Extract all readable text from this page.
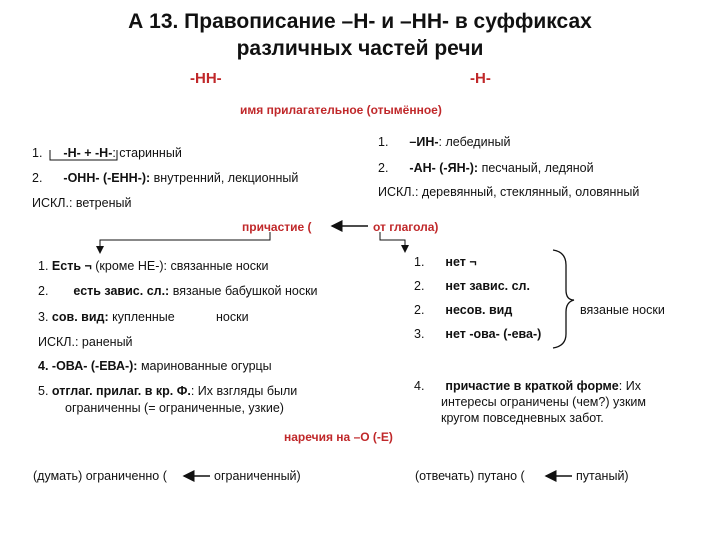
А 13. Правописание –Н- и –НН- в суффиксах
различных частей речи
-НН-	-Н-
имя прилагательное (отымённое)
1. -Н- + -Н-: старинный
2. -ОНН- (-ЕНН-): внутренний, лекционный
ИСКЛ.: ветреный
1. –ИН-: лебединый
2. -АН- (-ЯН-): песчаный, ледяной
ИСКЛ.: деревянный, стеклянный, оловянный
причастие (	от глагола)
1. Есть ¬ (кроме НЕ-): связанные носки
2. есть завис. сл.: вязаные бабушкой носки
3. сов. вид: купленные	носки
ИСКЛ.: раненый
4. -ОВА- (-ЕВА-): маринованные огурцы
5. отглаг. прилаг. в кр. Ф.: Их взгляды были
ограниченны (= ограниченные, узкие)
1. нет ¬
2. нет завис. сл.
2. несов. вид
3. нет -ова- (-ева-)
вязаные носки
4. причастие в краткой форме: Их
интересы ограничены (чем?) узким
кругом повседневных забот.
наречия на –О (-Е)
(думать) ограниченно (	ограниченный)	(отвечать) путано (	путаный)
